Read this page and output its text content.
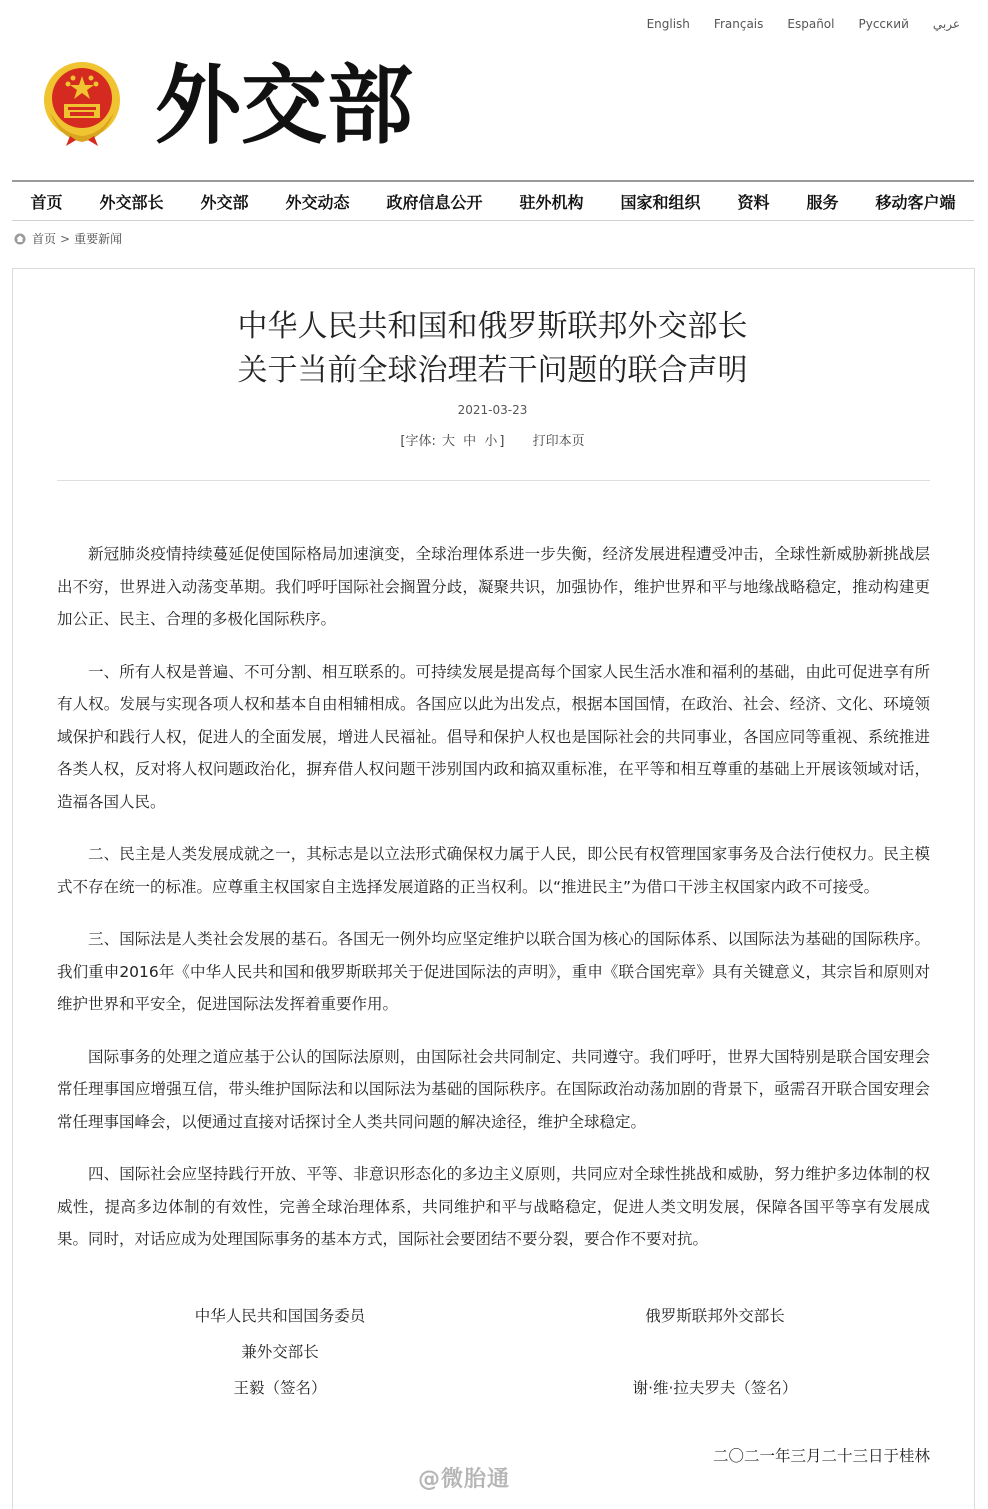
English Français Español Русский عربي
外交部
首页 外交部长 外交部 外交动态 政府信息公开 驻外机构 国家和组织 资料 服务 移动客户端
首页 > 重要新闻
中华人民共和国和俄罗斯联邦外交部长
关于当前全球治理若干问题的联合声明
2021-03-23
[字体: 大 中 小 ] 打印本页

新冠肺炎疫情持续蔓延促使国际格局加速演变，全球治理体系进一步失衡，经济发展进程遭受冲击，全球性新威胁新挑战层出不穷，世界进入动荡变革期。我们呼吁国际社会搁置分歧，凝聚共识，加强协作，维护世界和平与地缘战略稳定，推动构建更加公正、民主、合理的多极化国际秩序。

一、所有人权是普遍、不可分割、相互联系的。可持续发展是提高每个国家人民生活水准和福利的基础，由此可促进享有所有人权。发展与实现各项人权和基本自由相辅相成。各国应以此为出发点，根据本国国情，在政治、社会、经济、文化、环境领域保护和践行人权，促进人的全面发展，增进人民福祉。倡导和保护人权也是国际社会的共同事业，各国应同等重视、系统推进各类人权，反对将人权问题政治化，摒弃借人权问题干涉别国内政和搞双重标准，在平等和相互尊重的基础上开展该领域对话，造福各国人民。

二、民主是人类发展成就之一，其标志是以立法形式确保权力属于人民，即公民有权管理国家事务及合法行使权力。民主模式不存在统一的标准。应尊重主权国家自主选择发展道路的正当权利。以“推进民主”为借口干涉主权国家内政不可接受。

三、国际法是人类社会发展的基石。各国无一例外均应坚定维护以联合国为核心的国际体系、以国际法为基础的国际秩序。我们重申2016年《中华人民共和国和俄罗斯联邦关于促进国际法的声明》，重申《联合国宪章》具有关键意义，其宗旨和原则对维护世界和平安全，促进国际法发挥着重要作用。

国际事务的处理之道应基于公认的国际法原则，由国际社会共同制定、共同遵守。我们呼吁，世界大国特别是联合国安理会常任理事国应增强互信，带头维护国际法和以国际法为基础的国际秩序。在国际政治动荡加剧的背景下，亟需召开联合国安理会常任理事国峰会，以便通过直接对话探讨全人类共同问题的解决途径，维护全球稳定。

四、国际社会应坚持践行开放、平等、非意识形态化的多边主义原则，共同应对全球性挑战和威胁，努力维护多边体制的权威性，提高多边体制的有效性，完善全球治理体系，共同维护和平与战略稳定，促进人类文明发展，保障各国平等享有发展成果。同时，对话应成为处理国际事务的基本方式，国际社会要团结不要分裂，要合作不要对抗。

中华人民共和国国务委员
兼外交部长
王毅（签名）
俄罗斯联邦外交部长

谢·维·拉夫罗夫（签名）
二〇二一年三月二十三日于桂林
@微胎通
